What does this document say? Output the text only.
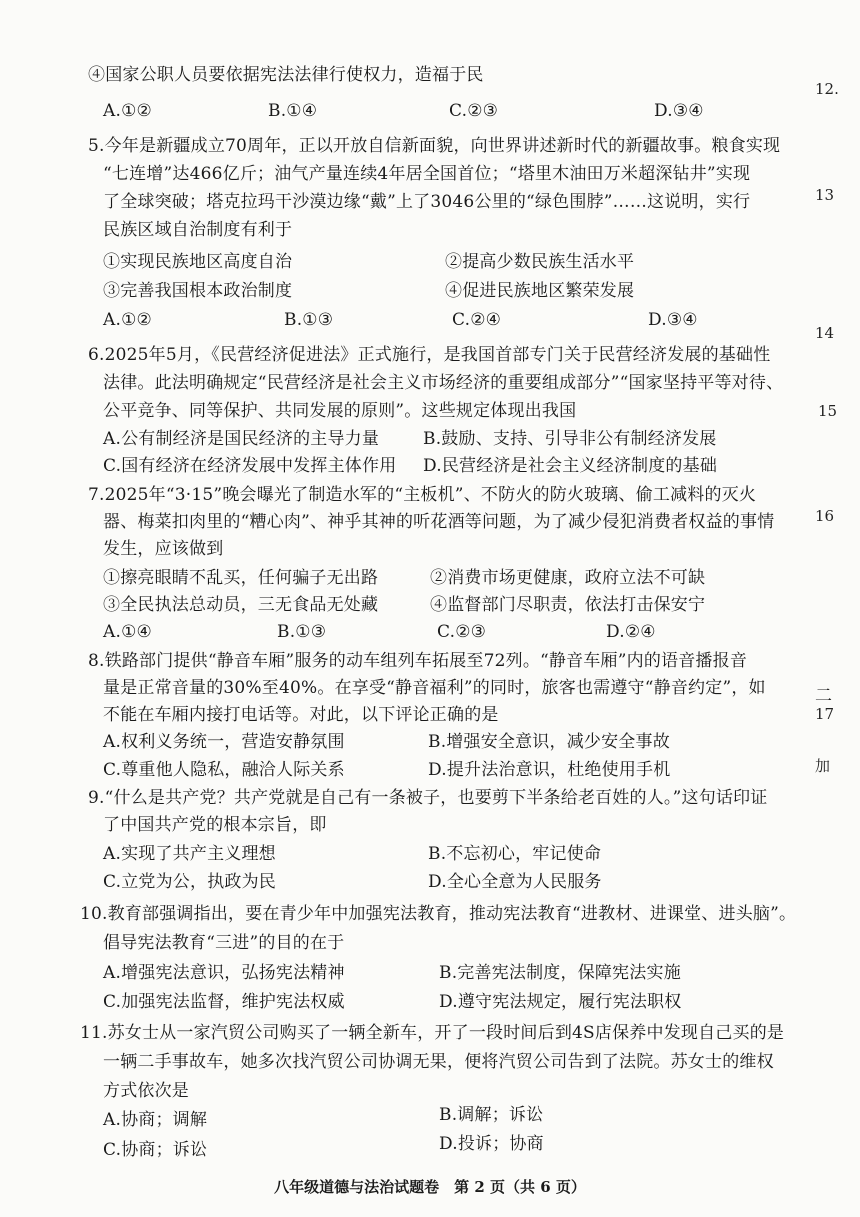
④国家公职人员要依据宪法法律行使权力，造福于民
A.①②	B.①④	C.②③	D.③④
5.今年是新疆成立70周年，正以开放自信新面貌，向世界讲述新时代的新疆故事。粮食实现
“七连增”达466亿斤；油气产量连续4年居全国首位；“塔里木油田万米超深钻井”实现
了全球突破；塔克拉玛干沙漠边缘“戴”上了3046公里的“绿色围脖”……这说明，实行
民族区域自治制度有利于
①实现民族地区高度自治	②提高少数民族生活水平
③完善我国根本政治制度	④促进民族地区繁荣发展
A.①②	B.①③	C.②④	D.③④
6.2025年5月，《民营经济促进法》正式施行，是我国首部专门关于民营经济发展的基础性
法律。此法明确规定“民营经济是社会主义市场经济的重要组成部分”“国家坚持平等对待、
公平竞争、同等保护、共同发展的原则”。这些规定体现出我国
A.公有制经济是国民经济的主导力量	B.鼓励、支持、引导非公有制经济发展
C.国有经济在经济发展中发挥主体作用 D.民营经济是社会主义经济制度的基础
7.2025年“3·15”晚会曝光了制造水军的“主板机”、不防火的防火玻璃、偷工减料的灭火
器、梅菜扣肉里的“糟心肉”、神乎其神的听花酒等问题，为了减少侵犯消费者权益的事情
发生，应该做到
①擦亮眼睛不乱买，任何骗子无出路	②消费市场更健康，政府立法不可缺
③全民执法总动员，三无食品无处藏	④监督部门尽职责，依法打击保安宁
A.①④	B.①③	C.②③	D.②④
8.铁路部门提供“静音车厢”服务的动车组列车拓展至72列。“静音车厢”内的语音播报音
量是正常音量的30%至40%。在享受“静音福利”的同时，旅客也需遵守“静音约定”，如
不能在车厢内接打电话等。对此，以下评论正确的是
A.权利义务统一，营造安静氛围	B.增强安全意识，减少安全事故
C.尊重他人隐私，融洽人际关系	D.提升法治意识，杜绝使用手机
9.“什么是共产党？共产党就是自己有一条被子，也要剪下半条给老百姓的人。”这句话印证
了中国共产党的根本宗旨，即
A.实现了共产主义理想	B.不忘初心，牢记使命
C.立党为公，执政为民	D.全心全意为人民服务
10.教育部强调指出，要在青少年中加强宪法教育，推动宪法教育“进教材、进课堂、进头脑”。
倡导宪法教育“三进”的目的在于
A.增强宪法意识，弘扬宪法精神	B.完善宪法制度，保障宪法实施
C.加强宪法监督，维护宪法权威	D.遵守宪法规定，履行宪法职权
11.苏女士从一家汽贸公司购买了一辆全新车，开了一段时间后到4S店保养中发现自己买的是
一辆二手事故车，她多次找汽贸公司协调无果，便将汽贸公司告到了法院。苏女士的维权
方式依次是
A.协商；调解	B.调解；诉讼
C.协商；诉讼	D.投诉；协商
12.
13
14
15
16
二
17
加
八年级道德与法治试题卷　第 2 页（共 6 页）
